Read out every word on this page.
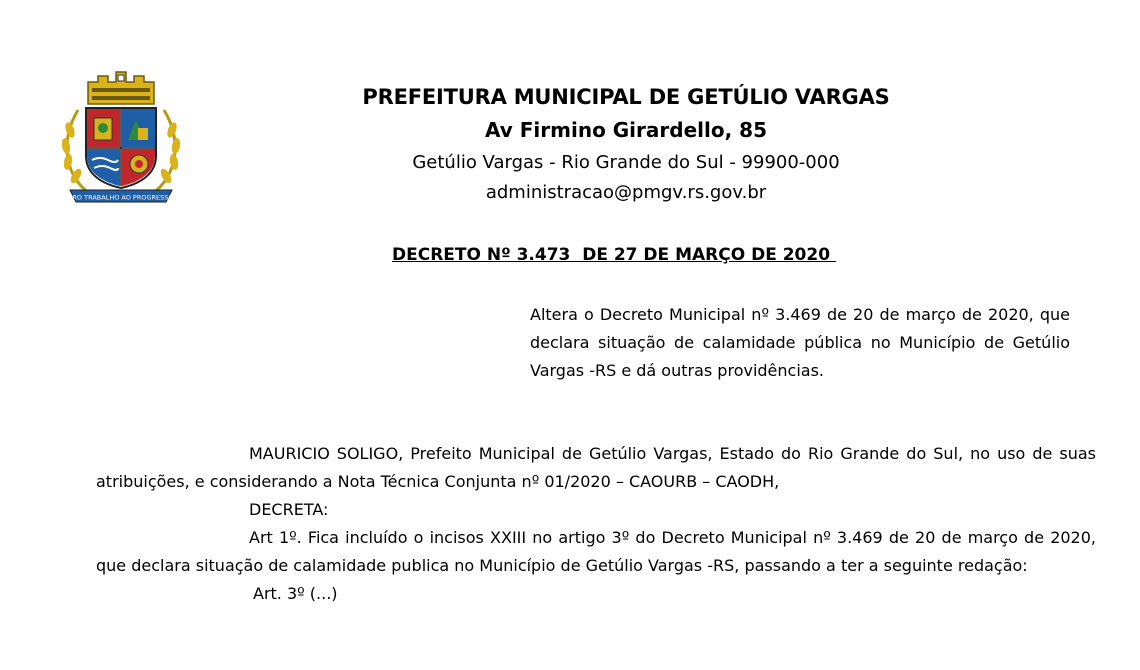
PRO TRABALHO AO PROGRESSO
PREFEITURA MUNICIPAL DE GETÚLIO VARGAS
Av Firmino Girardello, 85
Getúlio Vargas - Rio Grande do Sul - 99900-000
administracao@pmgv.rs.gov.br
DECRETO Nº 3.473  DE 27 DE MARÇO DE 2020
Altera o Decreto Municipal nº 3.469 de 20 de março de 2020, que declara situação de calamidade pública no Município de Getúlio Vargas -RS e dá outras providências.

MAURICIO SOLIGO, Prefeito Municipal de Getúlio Vargas, Estado do Rio Grande do Sul, no uso de suas atribuições, e considerando a Nota Técnica Conjunta nº 01/2020 – CAOURB – CAODH,

DECRETA:

Art 1º. Fica incluído o incisos XXIII no artigo 3º do Decreto Municipal nº 3.469 de 20 de março de 2020, que declara situação de calamidade publica no Município de Getúlio Vargas -RS, passando a ter a seguinte redação:

Art. 3º (...)
